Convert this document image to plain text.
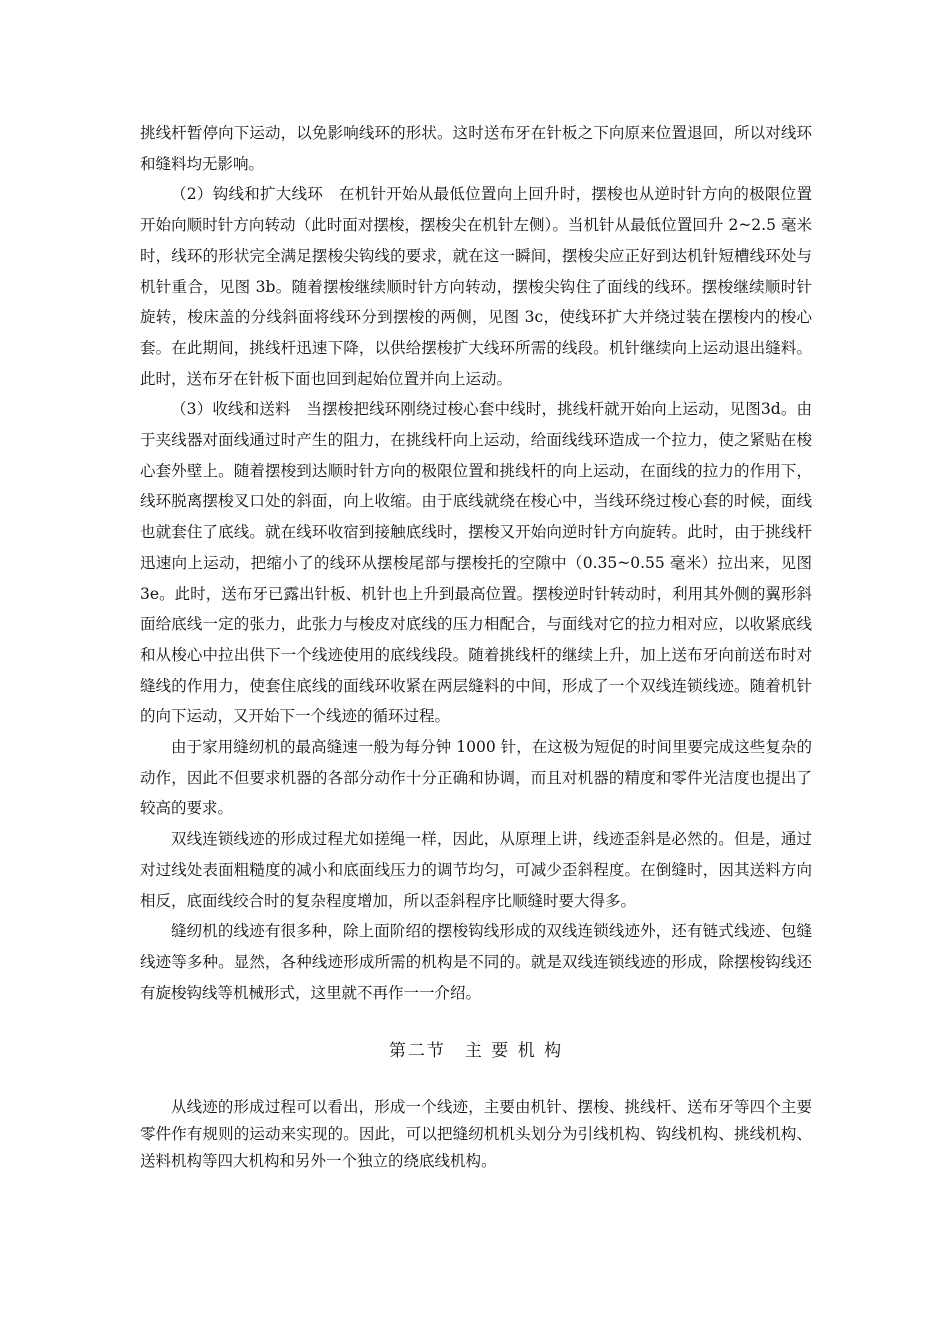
挑线杆暂停向下运动，以免影响线环的形状。这时送布牙在针板之下向原来位置退回，所以对线环和缝料均无影响。

（2）钩线和扩大线环　在机针开始从最低位置向上回升时，摆梭也从逆时针方向的极限位置开始向顺时针方向转动（此时面对摆梭，摆梭尖在机针左侧）。当机针从最低位置回升 2~2.5 毫米时，线环的形状完全满足摆梭尖钩线的要求，就在这一瞬间，摆梭尖应正好到达机针短槽线环处与机针重合，见图 3b。随着摆梭继续顺时针方向转动，摆梭尖钩住了面线的线环。摆梭继续顺时针旋转，梭床盖的分线斜面将线环分到摆梭的两侧，见图 3c，使线环扩大并绕过装在摆梭内的梭心套。在此期间，挑线杆迅速下降，以供给摆梭扩大线环所需的线段。机针继续向上运动退出缝料。此时，送布牙在针板下面也回到起始位置并向上运动。

（3）收线和送料　当摆梭把线环刚绕过梭心套中线时，挑线杆就开始向上运动，见图3d。由于夹线器对面线通过时产生的阻力，在挑线杆向上运动，给面线线环造成一个拉力，使之紧贴在梭心套外壁上。随着摆梭到达顺时针方向的极限位置和挑线杆的向上运动，在面线的拉力的作用下，线环脱离摆梭叉口处的斜面，向上收缩。由于底线就绕在梭心中，当线环绕过梭心套的时候，面线也就套住了底线。就在线环收宿到接触底线时，摆梭又开始向逆时针方向旋转。此时，由于挑线杆迅速向上运动，把缩小了的线环从摆梭尾部与摆梭托的空隙中（0.35~0.55 毫米）拉出来，见图 3e。此时，送布牙已露出针板、机针也上升到最高位置。摆梭逆时针转动时，利用其外侧的翼形斜面给底线一定的张力，此张力与梭皮对底线的压力相配合，与面线对它的拉力相对应，以收紧底线和从梭心中拉出供下一个线迹使用的底线线段。随着挑线杆的继续上升，加上送布牙向前送布时对缝线的作用力，使套住底线的面线环收紧在两层缝料的中间，形成了一个双线连锁线迹。随着机针的向下运动，又开始下一个线迹的循环过程。

由于家用缝纫机的最高缝速一般为每分钟 1000 针，在这极为短促的时间里要完成这些复杂的动作，因此不但要求机器的各部分动作十分正确和协调，而且对机器的精度和零件光洁度也提出了较高的要求。

双线连锁线迹的形成过程尤如搓绳一样，因此，从原理上讲，线迹歪斜是必然的。但是，通过对过线处表面粗糙度的减小和底面线压力的调节均匀，可减少歪斜程度。在倒缝时，因其送料方向相反，底面线绞合时的复杂程度增加，所以歪斜程序比顺缝时要大得多。

缝纫机的线迹有很多种，除上面阶绍的摆梭钩线形成的双线连锁线迹外，还有链式线迹、包缝线迹等多种。显然，各种线迹形成所需的机构是不同的。就是双线连锁线迹的形成，除摆梭钩线还有旋梭钩线等机械形式，这里就不再作一一介绍。

第二节　主 要 机 构

从线迹的形成过程可以看出，形成一个线迹，主要由机针、摆梭、挑线杆、送布牙等四个主要零件作有规则的运动来实现的。因此，可以把缝纫机机头划分为引线机构、钩线机构、挑线机构、送料机构等四大机构和另外一个独立的绕底线机构。
